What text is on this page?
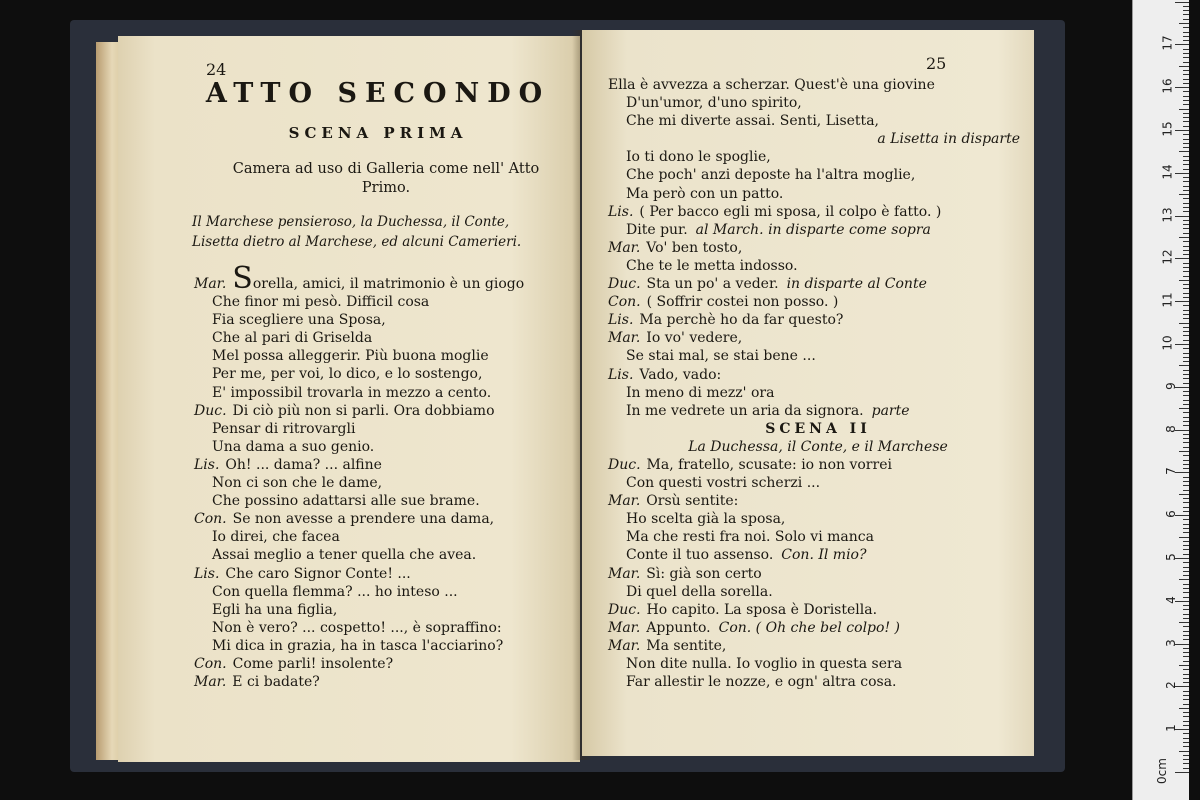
24
ATTO SECONDO
SCENA PRIMA
Camera ad uso di Galleria come nell' Atto
Primo.
Il Marchese pensieroso, la Duchessa, il Conte,
Lisetta dietro al Marchese, ed alcuni Camerieri.
Mar. Sorella, amici, il matrimonio è un giogo
Che finor mi pesò. Difficil cosa
Fia scegliere una Sposa,
Che al pari di Griselda
Mel possa alleggerir. Più buona moglie
Per me, per voi, lo dico, e lo sostengo,
E' impossibil trovarla in mezzo a cento.
Duc. Di ciò più non si parli. Ora dobbiamo
Pensar di ritrovargli
Una dama a suo genio.
Lis. Oh! ... dama? ... alfine
Non ci son che le dame,
Che possino adattarsi alle sue brame.
Con. Se non avesse a prendere una dama,
Io direi, che facea
Assai meglio a tener quella che avea.
Lis. Che caro Signor Conte! ...
Con quella flemma? ... ho inteso ...
Egli ha una figlia,
Non è vero? ... cospetto! ..., è sopraffino:
Mi dica in grazia, ha in tasca l'acciarino?
Con. Come parli! insolente?
Mar. E ci badate?
25
Ella è avvezza a scherzar. Quest'è una giovine
D'un'umor, d'uno spirito,
Che mi diverte assai. Senti, Lisetta,
a Lisetta in disparte
Io ti dono le spoglie,
Che poch' anzi deposte ha l'altra moglie,
Ma però con un patto.
Lis. ( Per bacco egli mi sposa, il colpo è fatto. )
Dite pur. al March. in disparte come sopra
Mar. Vo' ben tosto,
Che te le metta indosso.
Duc. Sta un po' a veder. in disparte al Conte
Con. ( Soffrir costei non posso. )
Lis. Ma perchè ho da far questo?
Mar. Io vo' vedere,
Se stai mal, se stai bene ...
Lis. Vado, vado:
In meno di mezz' ora
In me vedrete un aria da signora. parte
SCENA II
La Duchessa, il Conte, e il Marchese
Duc. Ma, fratello, scusate: io non vorrei
Con questi vostri scherzi ...
Mar. Orsù sentite:
Ho scelta già la sposa,
Ma che resti fra noi. Solo vi manca
Conte il tuo assenso. Con. Il mio?
Mar. Sì: già son certo
Di quel della sorella.
Duc. Ho capito. La sposa è Doristella.
Mar. Appunto. Con. ( Oh che bel colpo! )
Mar. Ma sentite,
Non dite nulla. Io voglio in questa sera
Far allestir le nozze, e ogn' altra cosa.
0cm
1
2
3
4
5
6
7
8
9
10
11
12
13
14
15
16
17
